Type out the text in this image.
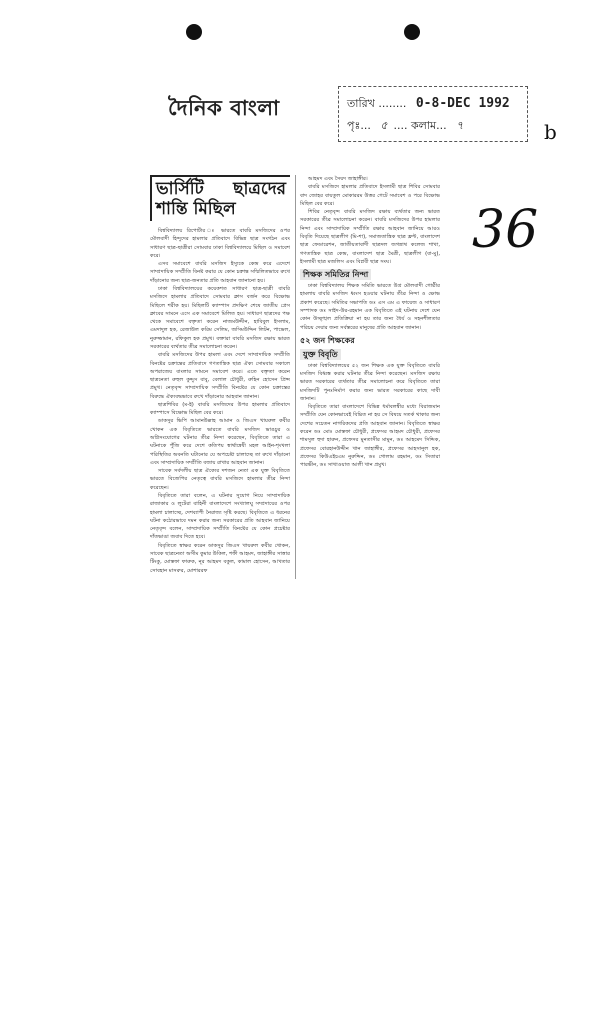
দৈনিক বাংলা	তারিখ ........ 0-8-DEC 1992
পৃঃ... ৫ .... কলাম... ৭	b
36
ভার্সিটি ছাত্রদের শান্তি মিছিল

বিশ্ববিদ্যালয় রিপোর্টার ঃ ভারতে বাবরি মসজিদের ওপর মৌলবাদী হিন্দুদের হামলার প্রতিবাদে বিভিন্ন ছাত্র সংগঠন এবং সাধারণ ছাত্র-ছাত্রীরা সোমবার ঢাকা বিশ্ববিদ্যালয়ে মিছিল ও সমাবেশ করে।

এসব সমাবেশে বাবরি মসজিদ ইস্যুকে কেন্দ্র করে এদেশে সাম্প্রদায়িক সম্প্রীতি বিনষ্ট করার যে কোন চক্রান্ত সম্মিলিতভাবে রুখে দাঁড়ানোর জন্য ছাত্র-জনতার প্রতি আহবান জানানো হয়।

ঢাকা বিশ্ববিদ্যালয়ের কয়েকশত সাধারণ ছাত্র-ছাত্রী বাবরি মসজিদে হামলার প্রতিবাদে সোমবার ক্লাস বর্জন করে বিক্ষোভ মিছিলে শরীক হয়। মিছিলটি ক্যাম্পাস প্রদক্ষিণ শেষে জাতীয় প্রেস ক্লাবের সামনে এসে এক সমাবেশে মিলিত হয়। সাধারণ ছাত্রদের পক্ষ থেকে সমাবেশে বক্তৃতা করেন নাজমউদ্দীন, হাবিবুল ইসলাম, এমদাদুল হক, রেজাউল করিম সেলিম, জসিমউদ্দিন লিটন, পাভেল, নুরুজ্জামান, রফিকুল হক প্রমুখ। বক্তারা বাবরি মসজিদ রক্ষায় ভারত সরকারের ব্যর্থতার তীব্র সমালোচনা করেন।

বাবরি মসজিদের উপর হামলা এবং দেশে সাম্প্রদায়িক সম্প্রীতি বিনষ্টের চক্রান্তের প্রতিবাদে গণতান্ত্রিক ছাত্র ঐক্য সোমবার সকালে অপরাজেয় বাংলার সামনে সমাবেশ করে। এতে বক্তৃতা করেন ছাত্রনেতা রুহুল কুদ্দুস বাবু, বেলাল চৌধুরী, রুহিন হোসেন প্রিন্স প্রমুখ। নেতৃবৃন্দ সাম্প্রদায়িক সম্প্রীতি বিনষ্টের যে কোন চক্রান্তের বিরুদ্ধে ঐক্যবদ্ধভাবে রুখে দাঁড়ানোর আহবান জানান।

ছাত্রশিবির (ম-ই) বাবরি মসজিদের উপর হামলার প্রতিবাদে ক্যাম্পাসে বিক্ষোভ মিছিল বের করে।

ডাকসুর ভিপি আমানউল্লাহ আমান ও জিএস খায়রুল কবীর খোকন এক বিবৃতিতে ভারতে বাবরি মসজিদ ভাঙচুর ও অগ্নিসংযোগের ঘটনার তীব্র নিন্দা করেছেন, বিবৃতিতে তারা এ ঘটনাকে পুঁজি করে দেশে কতিপয় স্বার্থান্বেষী মহল আইন-শৃংখলা পরিস্থিতির অবনতি ঘটানোর যে অপচেষ্টা চালাচ্ছে তা রুখে দাঁড়ানো এবং সাম্প্রদায়িক সম্প্রীতি বজায় রাখার আহবান জানান।

সাবেক সর্বদলীয় ছাত্র ঐক্যের দশজন নেতা এক যুক্ত বিবৃতিতে ভারতে বিজেপির নেতৃত্বে বাবরি মসজিদে হামলার তীব্র নিন্দা করেছেন।

বিবৃতিতে তারা বলেন, এ ঘটনার সুযোগ নিয়ে সাম্প্রদায়িক রাজাকার ও লুটেরা বাহিনী বাংলাদেশে সংখ্যালঘু সম্প্রদায়ের ওপর হামলা চালাচ্ছে, দেশব্যাপী নৈরাজ্য সৃষ্টি করছে। বিবৃতিতে এ ধরনের ঘটনা কঠোরভাবে দমন করার জন্য সরকারের প্রতি আহবান জানিয়ে নেতৃবৃন্দ বলেন, সাম্প্রদায়িক সম্প্রীতি বিনষ্টের যে কোন প্রচেষ্টার দাঁতভাঙা জবাব দিতে হবে।

বিবৃতিতে স্বাক্ষর করেন ডাকসুর জিএস খায়রুল কবীর খোকন, সাবেক ছাত্রনেতা অসীম কুমার উকিল, শফী আহমদ, জাহাঙ্গীর সাত্তার টিংকু, মোস্তফা ফারুক, নূর আহমদ বকুল, কামাল হোসেন, আখতার সোবহান মাসরুর, মোশাররফ

আহমদ এবং সৈয়দ জাহাঙ্গীর।

বাবরি মসজিদে হামলার প্রতিবাদে ইসলামী ছাত্র শিবির সোমবার বাদ জোহর বায়তুল মোকাররম উত্তর গেটে সমাবেশ ও পরে বিক্ষোভ মিছিল বের করে।

শিবির নেতৃবৃন্দ বাবরি মসজিদ রক্ষায় ব্যর্থতার জন্য ভারত সরকারের তীব্র সমালোচনা করেন। বাবরি মসজিদের উপর হামলার নিন্দা এবং সাম্প্রদায়িক সম্প্রীতি রক্ষার আহবান জানিয়ে আরও বিবৃতি দিয়েছে ছাত্রলীগ (মি-শা), সমাজতান্ত্রিক ছাত্র ফ্রন্ট, বাংলাদেশ ছাত্র ফেডারেশন, জাতীয়তাবাদী ছাত্রদল জগন্নাথ কলেজ শাখা, গণতান্ত্রিক ছাত্র কেন্দ্র, বাংলাদেশ ছাত্র মৈত্রী, ছাত্রলীগ (বা-মু), ইসলামী ছাত্র মজলিস এবং বিপ্লবী ছাত্র সংঘ।

শিক্ষক সমিতির নিন্দা

ঢাকা বিশ্ববিদ্যালয় শিক্ষক সমিতি ভারতে উগ্র মৌলবাদী গোষ্ঠীর হামলায় বাবরি মসজিদ ধ্বংস হওয়ার ঘটনায় তীব্র নিন্দা ও ক্ষোভ প্রকাশ করেছে। সমিতির সভাপতি ডঃ এস এম এ ফায়েজ ও সাধারণ সম্পাদক ডঃ সাইদ-উর-রহমান এক বিবৃতিতে এই ঘটনায় দেশে যেন কোন উচ্ছৃঙ্খল প্রতিক্রিয়া না হয় তার জন্য ধৈর্য ও সহনশীলতার পরিচয় দেয়ার জন্য সর্বস্তরের মানুষের প্রতি আহবান জানান।

৫২ জন শিক্ষকের
যুক্ত বিবৃতি

ঢাকা বিশ্ববিদ্যালয়ের ৫২ জন শিক্ষক এক যুক্ত বিবৃতিতে বাবরি মসজিদ বিধ্বস্ত করার ঘটনার তীব্র নিন্দা করেছেন। মসজিদ রক্ষায় ভারত সরকারের ব্যর্থতার তীব্র সমালোচনা করে বিবৃতিতে তারা মসজিদটি পুনঃনির্মাণ করার জন্য ভারত সরকারের কাছে দাবী জানান।

বিবৃতিতে তারা বাংলাদেশে বিভিন্ন ধর্মাবলম্বীর মধ্যে বিরাজমান সম্প্রীতি যেন কোনভাবেই বিঘ্নিত না হয় সে বিষয়ে সতর্ক থাকার জন্য দেশের সচেতন নাগরিকদের প্রতি আহবান জানান। বিবৃতিতে স্বাক্ষর করেন ডঃ মোঃ মোস্তফা চৌধুরী, প্রফেসর আহমদ চৌধুরী, প্রফেসর শামসুল হুদা হারুন, প্রফেসর মুনতাসীর মামুন, ডঃ আহমেদ সিদ্দিক, প্রফেসর বোরহানউদ্দীন খান জাহাঙ্গীর, প্রফেসর আহসানুল হক, প্রফেসর কিউএইচএম নুরুদ্দিন, ডঃ গোলাম রহমান, ডঃ সিতারা পারভীন, ডঃ সাখাওয়াত আলী খান প্রমুখ।
